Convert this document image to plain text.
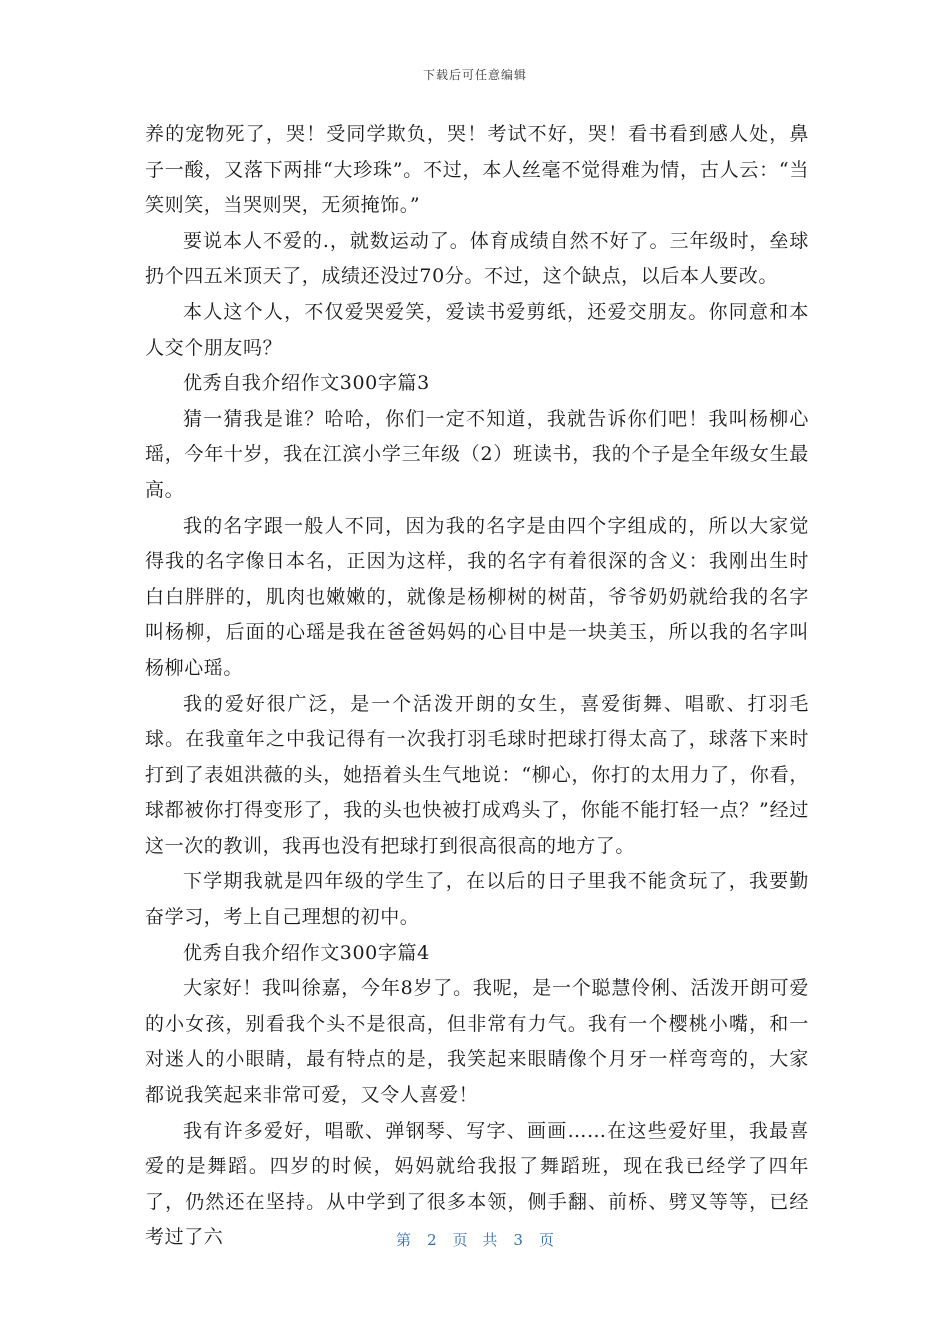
下载后可任意编辑

养的宠物死了，哭！受同学欺负，哭！考试不好，哭！看书看到感人处，鼻子一酸，又落下两排“大珍珠”。不过，本人丝毫不觉得难为情，古人云：“当笑则笑，当哭则哭，无须掩饰。”

要说本人不爱的.，就数运动了。体育成绩自然不好了。三年级时，垒球扔个四五米顶天了，成绩还没过70分。不过，这个缺点，以后本人要改。

本人这个人，不仅爱哭爱笑，爱读书爱剪纸，还爱交朋友。你同意和本人交个朋友吗？

优秀自我介绍作文300字篇3

猜一猜我是谁？哈哈，你们一定不知道，我就告诉你们吧！我叫杨柳心瑶，今年十岁，我在江滨小学三年级（2）班读书，我的个子是全年级女生最高。

我的名字跟一般人不同，因为我的名字是由四个字组成的，所以大家觉得我的名字像日本名，正因为这样，我的名字有着很深的含义：我刚出生时白白胖胖的，肌肉也嫩嫩的，就像是杨柳树的树苗，爷爷奶奶就给我的名字叫杨柳，后面的心瑶是我在爸爸妈妈的心目中是一块美玉，所以我的名字叫杨柳心瑶。

我的爱好很广泛，是一个活泼开朗的女生，喜爱街舞、唱歌、打羽毛球。在我童年之中我记得有一次我打羽毛球时把球打得太高了，球落下来时打到了表姐洪薇的头，她捂着头生气地说：“柳心，你打的太用力了，你看，球都被你打得变形了，我的头也快被打成鸡头了，你能不能打轻一点？”经过这一次的教训，我再也没有把球打到很高很高的地方了。

下学期我就是四年级的学生了，在以后的日子里我不能贪玩了，我要勤奋学习，考上自己理想的初中。

优秀自我介绍作文300字篇4

大家好！我叫徐嘉，今年8岁了。我呢，是一个聪慧伶俐、活泼开朗可爱的小女孩，别看我个头不是很高，但非常有力气。我有一个樱桃小嘴，和一对迷人的小眼睛，最有特点的是，我笑起来眼睛像个月牙一样弯弯的，大家都说我笑起来非常可爱，又令人喜爱！

我有许多爱好，唱歌、弹钢琴、写字、画画……在这些爱好里，我最喜爱的是舞蹈。四岁的时候，妈妈就给我报了舞蹈班，现在我已经学了四年了，仍然还在坚持。从中学到了很多本领，侧手翻、前桥、劈叉等等，已经考过了六	第 2 页 共 3 页
